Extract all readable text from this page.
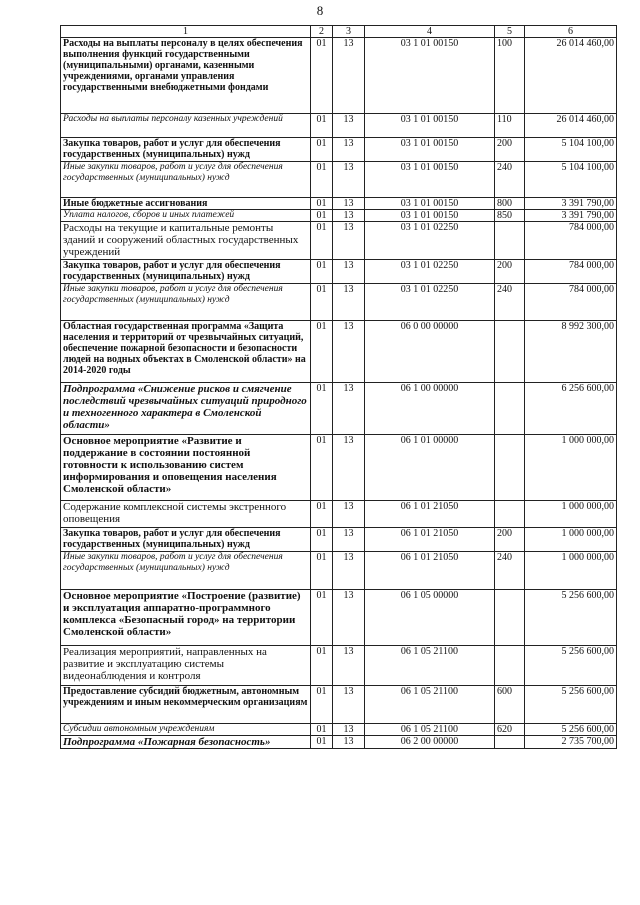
8
1	2	3	4	5	6
Расходы на выплаты персоналу в целях обеспечения выполнения функций государственными (муниципальными) органами, казенными учреждениями, органами управления государственными внебюджетными фондами	01	13	03 1 01 00150	100	26 014 460,00
Расходы на выплаты персоналу казенных учреждений	01	13	03 1 01 00150	110	26 014 460,00
Закупка товаров, работ и услуг для обеспечения государственных (муниципальных) нужд	01	13	03 1 01 00150	200	5 104 100,00
Иные закупки товаров, работ и услуг для обеспечения государственных (муниципальных) нужд	01	13	03 1 01 00150	240	5 104 100,00
Иные бюджетные ассигнования	01	13	03 1 01 00150	800	3 391 790,00
Уплата налогов, сборов и иных платежей	01	13	03 1 01 00150	850	3 391 790,00
Расходы на текущие и капитальные ремонты зданий и сооружений областных государственных учреждений	01	13	03 1 01 02250		784 000,00
Закупка товаров, работ и услуг для обеспечения государственных (муниципальных) нужд	01	13	03 1 01 02250	200	784 000,00
Иные закупки товаров, работ и услуг для обеспечения государственных (муниципальных) нужд	01	13	03 1 01 02250	240	784 000,00
Областная государственная программа «Защита населения и территорий от чрезвычайных ситуаций, обеспечение пожарной безопасности и безопасности людей на водных объектах в Смоленской области» на 2014-2020 годы	01	13	06 0 00 00000		8 992 300,00
Подпрограмма «Снижение рисков и смягчение последствий чрезвычайных ситуаций природного и техногенного характера в Смоленской области»	01	13	06 1 00 00000		6 256 600,00
Основное мероприятие «Развитие и поддержание в состоянии постоянной готовности к использованию систем информирования и оповещения населения Смоленской области»	01	13	06 1 01 00000		1 000 000,00
Содержание комплексной системы экстренного оповещения	01	13	06 1 01 21050		1 000 000,00
Закупка товаров, работ и услуг для обеспечения государственных (муниципальных) нужд	01	13	06 1 01 21050	200	1 000 000,00
Иные закупки товаров, работ и услуг для обеспечения государственных (муниципальных) нужд	01	13	06 1 01 21050	240	1 000 000,00
Основное мероприятие «Построение (развитие) и эксплуатация аппаратно-программного комплекса «Безопасный город» на территории Смоленской области»	01	13	06 1 05 00000		5 256 600,00
Реализация мероприятий, направленных на развитие и эксплуатацию системы видеонаблюдения и контроля	01	13	06 1 05 21100		5 256 600,00
Предоставление субсидий бюджетным, автономным учреждениям и иным некоммерческим организациям	01	13	06 1 05 21100	600	5 256 600,00
Субсидии автономным учреждениям	01	13	06 1 05 21100	620	5 256 600,00
Подпрограмма «Пожарная безопасность»	01	13	06 2 00 00000		2 735 700,00
